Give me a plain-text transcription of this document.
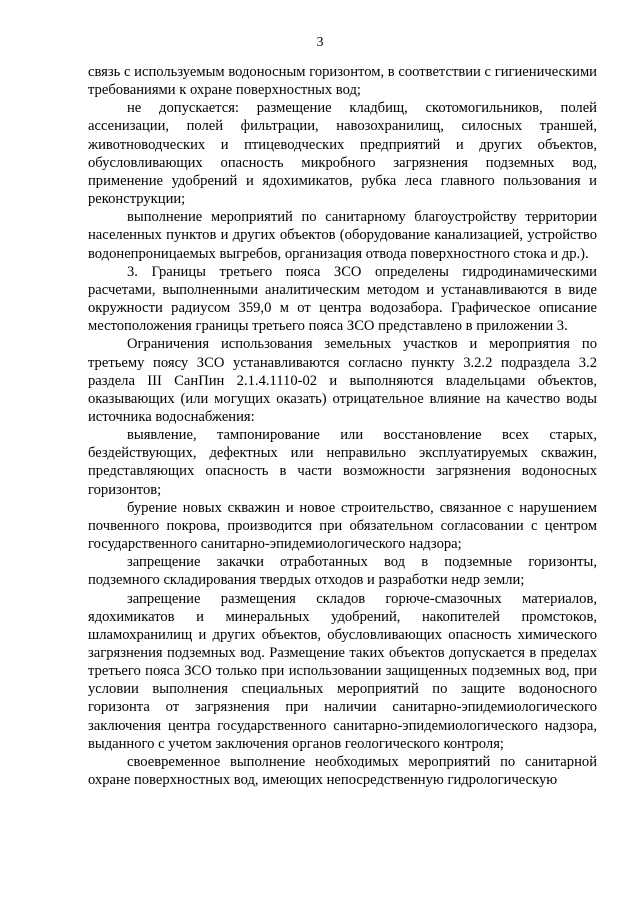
3

связь с используемым водоносным горизонтом, в соответствии с гигиеническими требованиями к охране поверхностных вод;

не допускается: размещение кладбищ, скотомогильников, полей ассенизации, полей фильтрации, навозохранилищ, силосных траншей, животноводческих и птицеводческих предприятий и других объектов, обусловливающих опасность микробного загрязнения подземных вод, применение удобрений и ядохимикатов, рубка леса главного пользования и реконструкции;

выполнение мероприятий по санитарному благоустройству территории населенных пунктов и других объектов (оборудование канализацией, устройство водонепроницаемых выгребов, организация отвода поверхностного стока и др.).

3. Границы третьего пояса ЗСО определены гидродинамическими расчетами, выполненными аналитическим методом и устанавливаются в виде окружности радиусом 359,0 м от центра водозабора. Графическое описание местоположения границы третьего пояса ЗСО представлено в приложении 3.

Ограничения использования земельных участков и мероприятия по третьему поясу ЗСО устанавливаются согласно пункту 3.2.2 подраздела 3.2 раздела III СанПин 2.1.4.1110-02 и выполняются владельцами объектов, оказывающих (или могущих оказать) отрицательное влияние на качество воды источника водоснабжения:

выявление, тампонирование или восстановление всех старых, бездействующих, дефектных или неправильно эксплуатируемых скважин, представляющих опасность в части возможности загрязнения водоносных горизонтов;

бурение новых скважин и новое строительство, связанное с нарушением почвенного покрова, производится при обязательном согласовании с центром государственного санитарно-эпидемиологического надзора;

запрещение закачки отработанных вод в подземные горизонты, подземного складирования твердых отходов и разработки недр земли;

запрещение размещения складов горюче-смазочных материалов, ядохимикатов и минеральных удобрений, накопителей промстоков, шламохранилищ и других объектов, обусловливающих опасность химического загрязнения подземных вод. Размещение таких объектов допускается в пределах третьего пояса ЗСО только при использовании защищенных подземных вод, при условии выполнения специальных мероприятий по защите водоносного горизонта от загрязнения при наличии санитарно-эпидемиологического заключения центра государственного санитарно-эпидемиологического надзора, выданного с учетом заключения органов геологического контроля;

своевременное выполнение необходимых мероприятий по санитарной охране поверхностных вод, имеющих непосредственную гидрологическую
